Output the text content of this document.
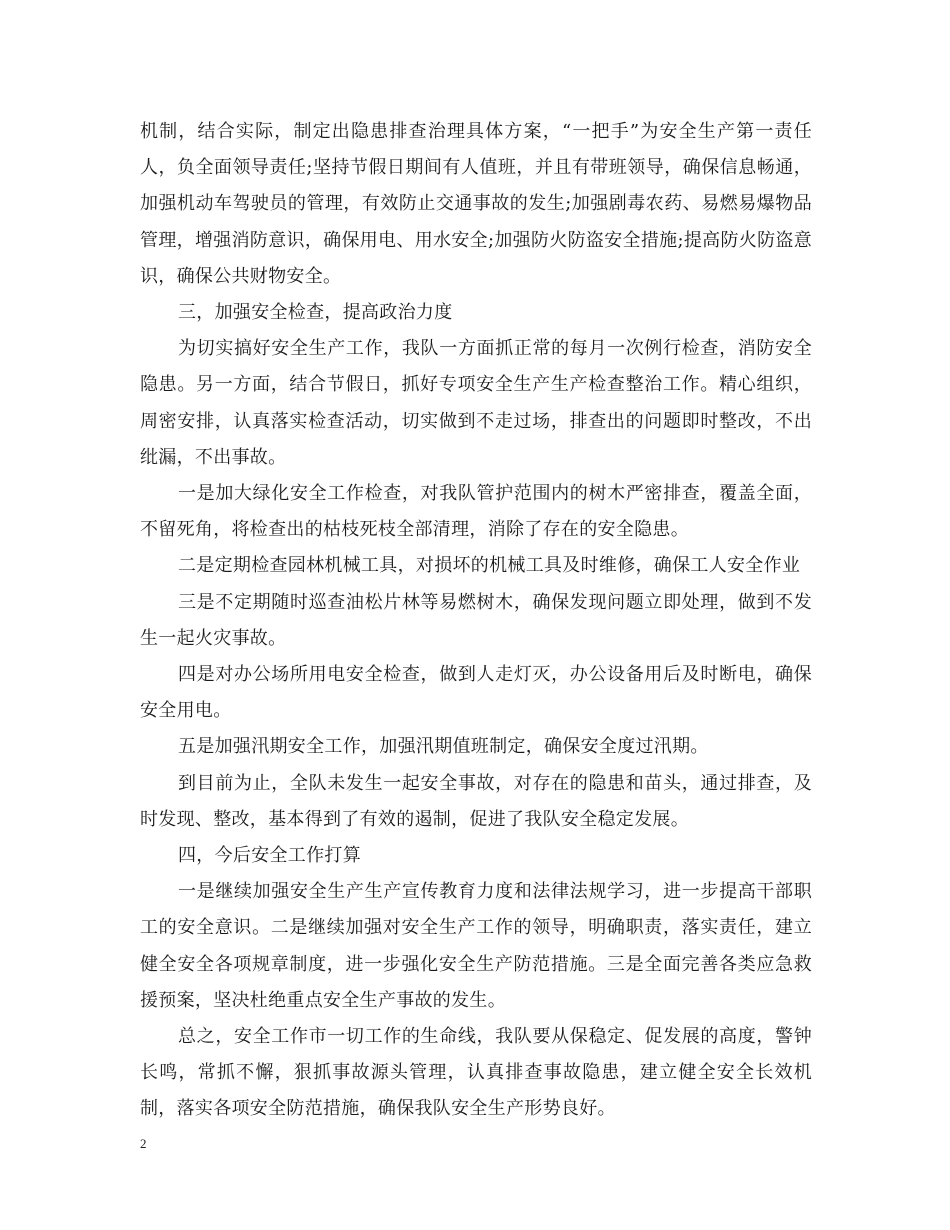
机制，结合实际，制定出隐患排查治理具体方案，“一把手”为安全生产第一责任人，负全面领导责任;坚持节假日期间有人值班，并且有带班领导，确保信息畅通，加强机动车驾驶员的管理，有效防止交通事故的发生;加强剧毒农药、易燃易爆物品管理，增强消防意识，确保用电、用水安全;加强防火防盗安全措施;提高防火防盗意识，确保公共财物安全。

三，加强安全检查，提高政治力度

为切实搞好安全生产工作，我队一方面抓正常的每月一次例行检查，消防安全隐患。另一方面，结合节假日，抓好专项安全生产生产检查整治工作。精心组织，周密安排，认真落实检查活动，切实做到不走过场，排查出的问题即时整改，不出纰漏，不出事故。

一是加大绿化安全工作检查，对我队管护范围内的树木严密排查，覆盖全面，不留死角，将检查出的枯枝死枝全部清理，消除了存在的安全隐患。

二是定期检查园林机械工具，对损坏的机械工具及时维修，确保工人安全作业

三是不定期随时巡查油松片林等易燃树木，确保发现问题立即处理，做到不发生一起火灾事故。

四是对办公场所用电安全检查，做到人走灯灭，办公设备用后及时断电，确保安全用电。

五是加强汛期安全工作，加强汛期值班制定，确保安全度过汛期。

到目前为止，全队未发生一起安全事故，对存在的隐患和苗头，通过排查，及时发现、整改，基本得到了有效的遏制，促进了我队安全稳定发展。

四，今后安全工作打算

一是继续加强安全生产生产宣传教育力度和法律法规学习，进一步提高干部职工的安全意识。二是继续加强对安全生产工作的领导，明确职责，落实责任，建立健全安全各项规章制度，进一步强化安全生产防范措施。三是全面完善各类应急救援预案，坚决杜绝重点安全生产事故的发生。

总之，安全工作市一切工作的生命线，我队要从保稳定、促发展的高度，警钟长鸣，常抓不懈，狠抓事故源头管理，认真排查事故隐患，建立健全安全长效机制，落实各项安全防范措施，确保我队安全生产形势良好。

2
